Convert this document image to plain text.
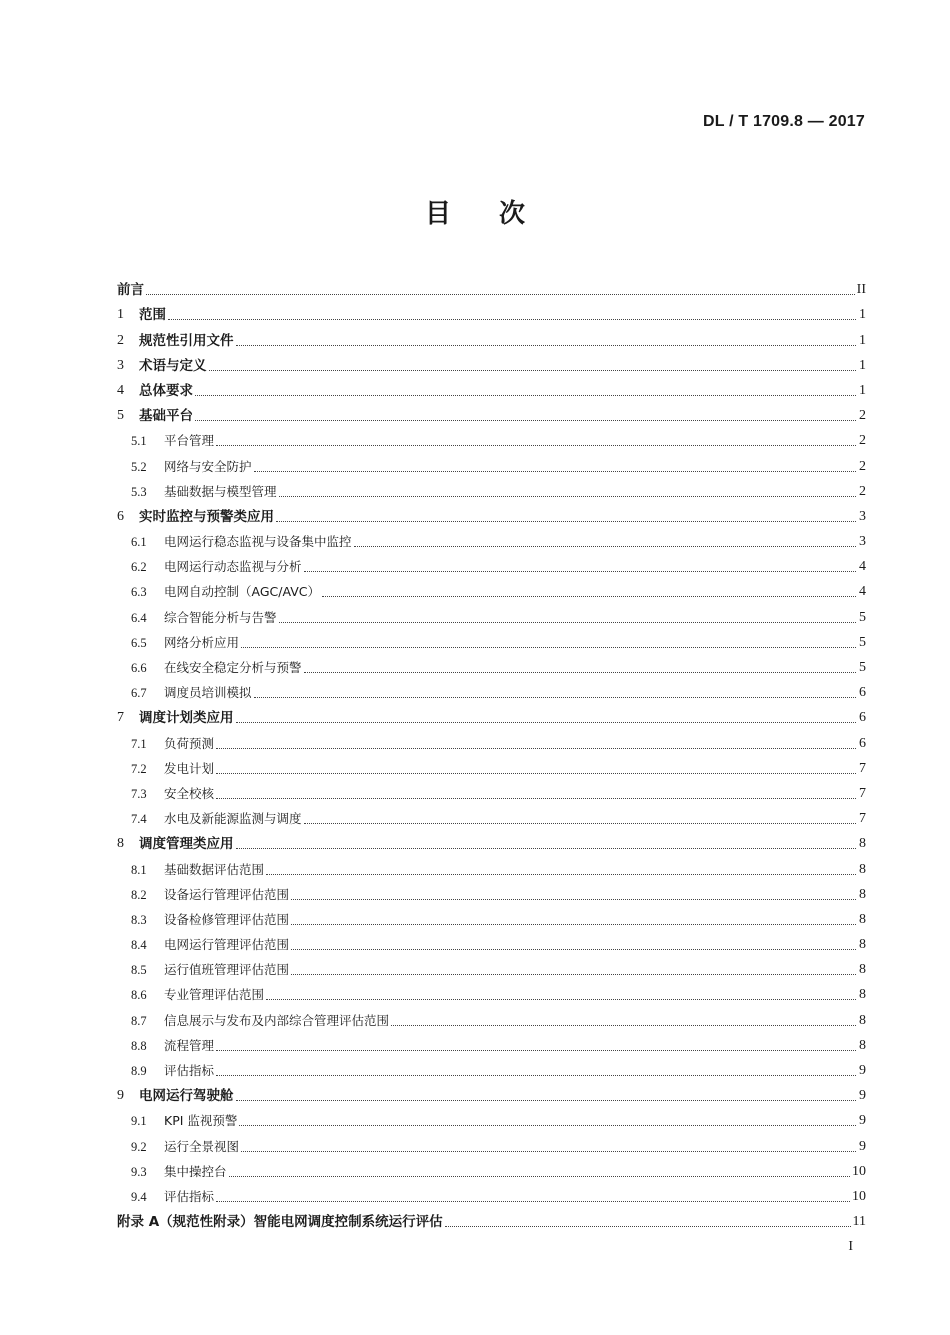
DL / T 1709.8 — 2017
目次
前言	II
1	范围	1
2	规范性引用文件	1
3	术语与定义	1
4	总体要求	1
5	基础平台	2
5.1	平台管理	2
5.2	网络与安全防护	2
5.3	基础数据与模型管理	2
6	实时监控与预警类应用	3
6.1	电网运行稳态监视与设备集中监控	3
6.2	电网运行动态监视与分析	4
6.3	电网自动控制（AGC/AVC）	4
6.4	综合智能分析与告警	5
6.5	网络分析应用	5
6.6	在线安全稳定分析与预警	5
6.7	调度员培训模拟	6
7	调度计划类应用	6
7.1	负荷预测	6
7.2	发电计划	7
7.3	安全校核	7
7.4	水电及新能源监测与调度	7
8	调度管理类应用	8
8.1	基础数据评估范围	8
8.2	设备运行管理评估范围	8
8.3	设备检修管理评估范围	8
8.4	电网运行管理评估范围	8
8.5	运行值班管理评估范围	8
8.6	专业管理评估范围	8
8.7	信息展示与发布及内部综合管理评估范围	8
8.8	流程管理	8
8.9	评估指标	9
9	电网运行驾驶舱	9
9.1	KPI 监视预警	9
9.2	运行全景视图	9
9.3	集中操控台	10
9.4	评估指标	10
附录 A（规范性附录）智能电网调度控制系统运行评估	11
I
